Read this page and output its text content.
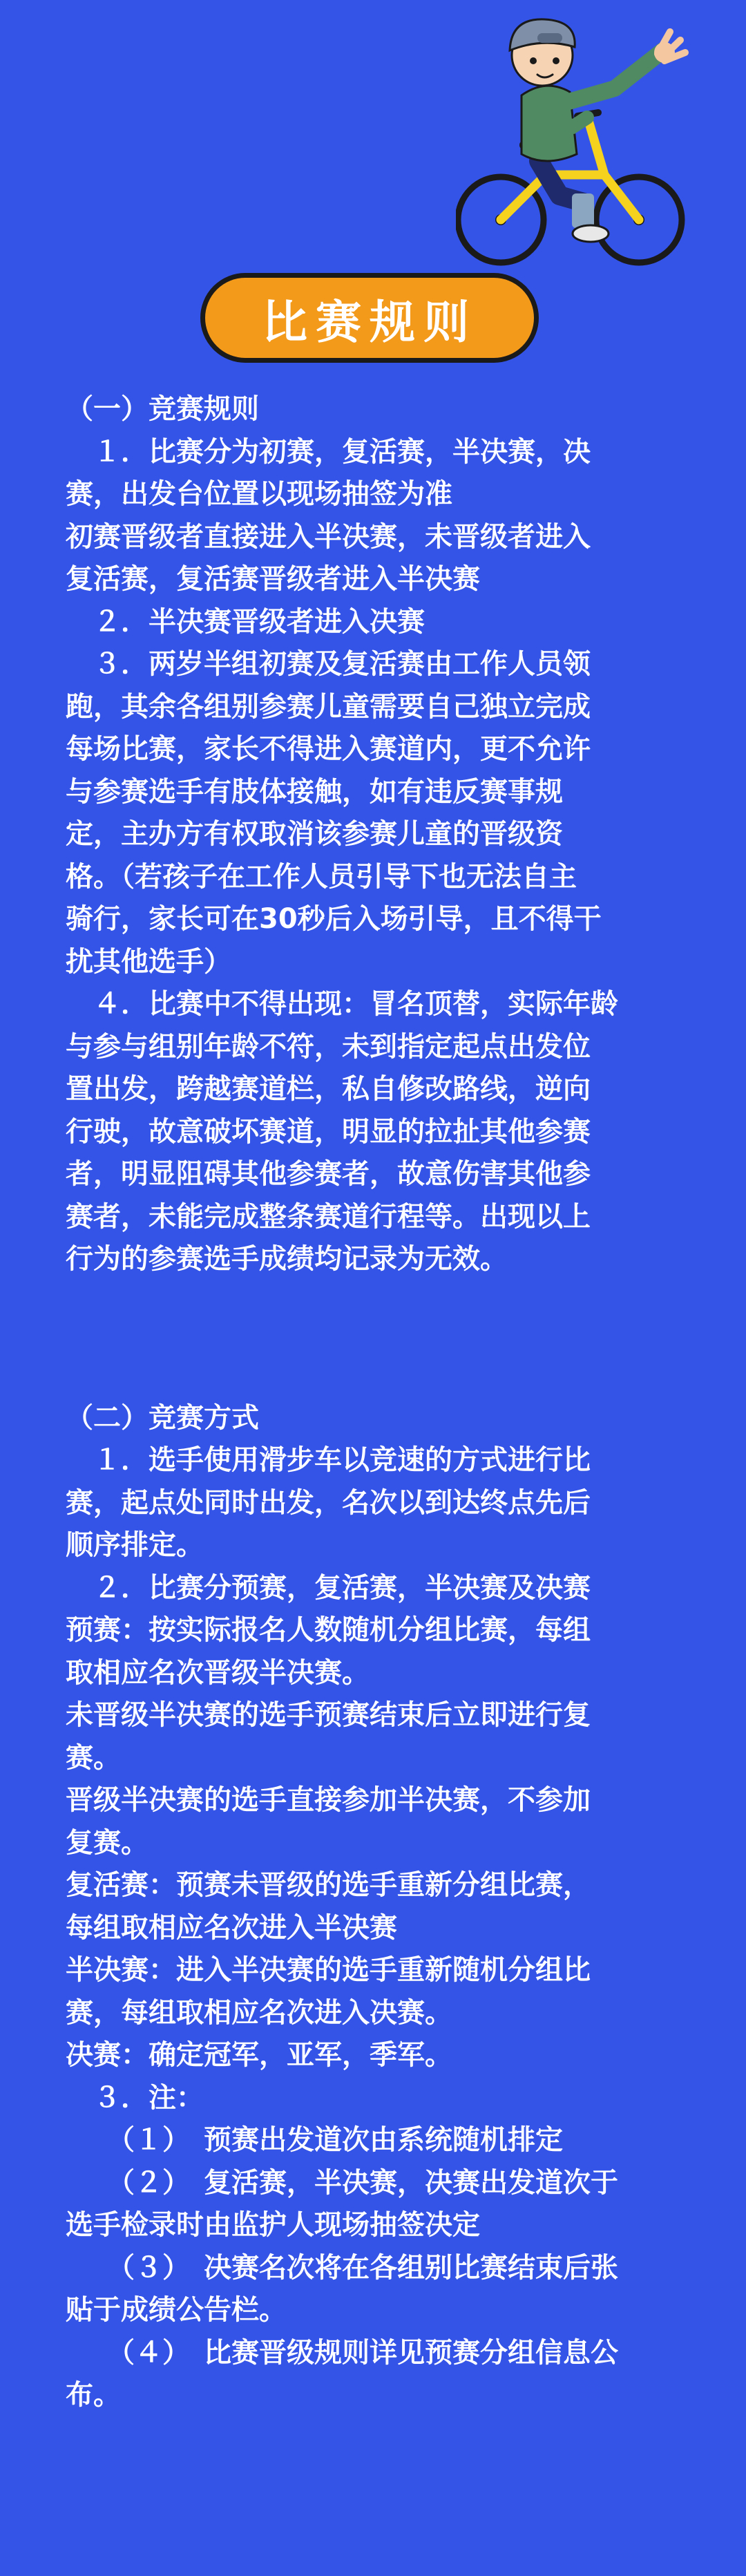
比赛规则

（一）竞赛规则

　１．比赛分为初赛，复活赛，半决赛，决

赛，出发台位置以现场抽签为准

初赛晋级者直接进入半决赛，未晋级者进入

复活赛，复活赛晋级者进入半决赛

　２．半决赛晋级者进入决赛

　３．两岁半组初赛及复活赛由工作人员领

跑，其余各组别参赛儿童需要自己独立完成

每场比赛，家长不得进入赛道内，更不允许

与参赛选手有肢体接触，如有违反赛事规

定，主办方有权取消该参赛儿童的晋级资

格。（若孩子在工作人员引导下也无法自主

骑行，家长可在30秒后入场引导，且不得干

扰其他选手）

　４．比赛中不得出现：冒名顶替，实际年龄

与参与组别年龄不符，未到指定起点出发位

置出发，跨越赛道栏，私自修改路线，逆向

行驶，故意破坏赛道，明显的拉扯其他参赛

者，明显阻碍其他参赛者，故意伤害其他参

赛者，未能完成整条赛道行程等。出现以上

行为的参赛选手成绩均记录为无效。

（二）竞赛方式

　１．选手使用滑步车以竞速的方式进行比

赛，起点处同时出发，名次以到达终点先后

顺序排定。

　２．比赛分预赛，复活赛，半决赛及决赛

预赛：按实际报名人数随机分组比赛，每组

取相应名次晋级半决赛。

未晋级半决赛的选手预赛结束后立即进行复

赛。

晋级半决赛的选手直接参加半决赛，不参加

复赛。

复活赛：预赛未晋级的选手重新分组比赛，

每组取相应名次进入半决赛

半决赛：进入半决赛的选手重新随机分组比

赛，每组取相应名次进入决赛。

决赛：确定冠军，亚军，季军。

　３．注：

　　（１）　预赛出发道次由系统随机排定

　　（２）　复活赛，半决赛，决赛出发道次于

选手检录时由监护人现场抽签决定

　　（３）　决赛名次将在各组别比赛结束后张

贴于成绩公告栏。

　　（４）　比赛晋级规则详见预赛分组信息公

布。
